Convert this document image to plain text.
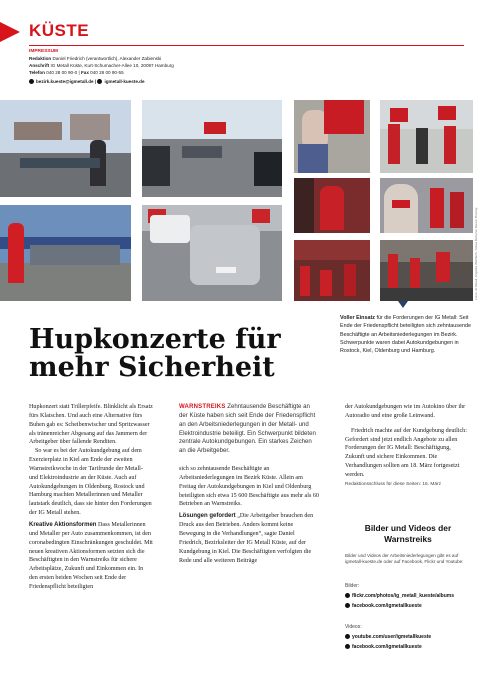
KÜSTE
IMPRESSUM
Redaktion Daniel Friedrich (verantwortlich), Alexander Zabienski
Anschrift IG Metall Küste, Kurt-Schumacher-Allee 10, 20097 Hamburg
Telefon 040 28 00 90-0 | Fax 040 28 00 90-55
bezirk.kueste@igmetall.de | igmetall-kueste.de
Fotos: IG Metall, Angelika Wohlfarth, Tobias Behrend, Marion Brüning
Voller Einsatz für die Forderungen der IG Metall: Seit Ende der Friedenspflicht beteiligten sich zehntausende Beschäftigte an Arbeitsniederlegungen im Bezirk. Schwerpunkte waren dabei Autokundgebungen in Rostock, Kiel, Oldenburg und Hamburg.
Hupkonzerte für mehr Sicherheit

Hupkonzert statt Trillerpfeife. Blinklicht als Ersatz fürs Klatschen. Und auch eine Alternative fürs Buhen gab es: Scheibenwischer und Spritzwasser als tränenreicher Abgesang auf das Jammern der Arbeitgeber über fallende Renditen.

So war es bei der Autokundgebung auf dem Exerzierplatz in Kiel am Ende der zweiten Warnstreikwoche in der Tarifrunde der Metall- und Elektroindustrie an der Küste. Auch auf Autokundgebungen in Oldenburg, Rostock und Hamburg machten Metallerinnen und Metaller lautstark deutlich, dass sie hinter den Forderungen der IG Metall stehen.

Kreative Aktionsformen Dass Metallerinnen und Metaller per Auto zusammenkommen, ist den coronabedingten Einschränkungen geschuldet. Mit neuen kreativen Aktionsformen setzten sich die Beschäftigten in den Warnstreiks für sichere Arbeitsplätze, Zukunft und Einkommen ein. In den ersten beiden Wochen seit Ende der Friedenspflicht beteiligten

WARNSTREIKS Zehntausende Beschäftigte an der Küste haben sich seit Ende der Friedenspflicht an den Arbeitsniederlegungen in der Metall- und Elektroindustrie beteiligt. Ein Schwerpunkt bildeten zentrale Autokundgebungen. Ein starkes Zeichen an die Arbeitgeber.

sich so zehntausende Beschäftigte an Arbeitsniederlegungen im Bezirk Küste. Allein am Freitag der Autokundgebungen in Kiel und Oldenburg beteiligten sich etwa 15 600 Beschäftigte aus mehr als 60 Betrieben an Warnstreiks.

Lösungen gefordert „Die Arbeitgeber brauchen den Druck aus den Betrieben. Anders kommt keine Bewegung in die Verhandlungen“, sagte Daniel Friedrich, Bezirksleiter der IG Metall Küste, auf der Kundgebung in Kiel. Die Beschäftigten verfolgten die Rede und alle weiteren Beiträge

der Autokundgebungen wie im Autokino über ihr Autoradio und eine große Leinwand.

Friedrich machte auf der Kundgebung deutlich: Gefordert sind jetzt endlich Angebote zu allen Forderungen der IG Metall: Beschäftigung, Zukunft und sichere Einkommen. Die Verhandlungen sollten am 18. März fortgesetzt werden.

Redaktionsschluss für diese Seiten: 16. März
Bilder und Videos der Warnstreiks
Bilder und Videos der Arbeitsniederlegungen gibt es auf igmetall-kueste.de oder auf Facebook, Flickr und Youtube:
Bilder:
flickr.com/photos/ig_metall_kueste/albums
facebook.com/igmetallkueste
Videos:
youtube.com/user/igmetallkueste
facebook.com/igmetallkueste
